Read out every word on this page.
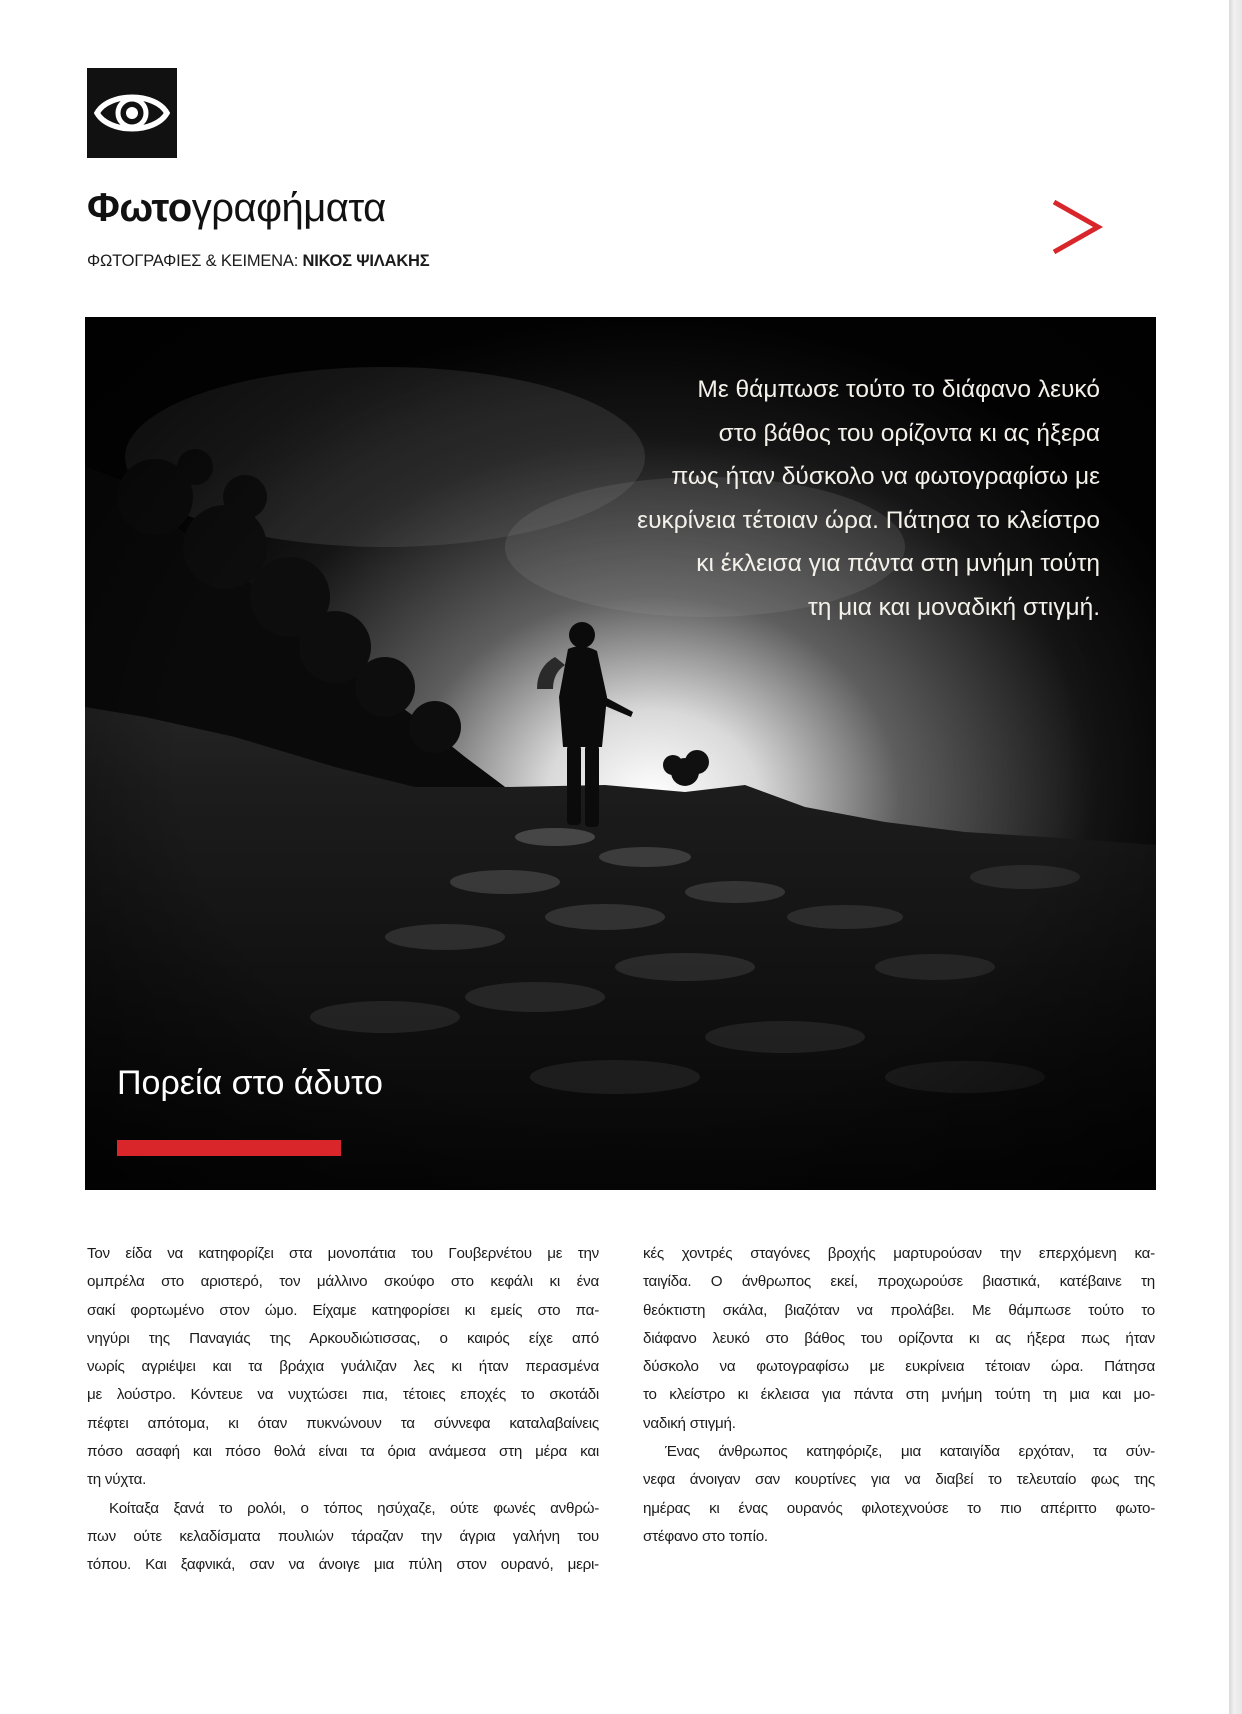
Φωτογραφήματα
ΦΩΤΟΓΡΑΦΙΕΣ & ΚΕΙΜΕΝΑ: ΝΙΚΟΣ ΨΙΛΑΚΗΣ
Με θάμπωσε τούτο το διάφανο λευκό
στο βάθος του ορίζοντα κι ας ήξερα
πως ήταν δύσκολο να φωτογραφίσω με
ευκρίνεια τέτοιαν ώρα. Πάτησα το κλείστρο
κι έκλεισα για πάντα στη μνήμη τούτη
τη μια και μοναδική στιγμή.
Πορεία στο άδυτο
Τον είδα να κατηφορίζει στα μονοπάτια του Γουβερνέτου με την
ομπρέλα στο αριστερό, τον μάλλινο σκούφο στο κεφάλι κι ένα
σακί φορτωμένο στον ώμο. Είχαμε κατηφορίσει κι εμείς στο πα-
νηγύρι της Παναγιάς της Αρκουδιώτισσας, ο καιρός είχε από
νωρίς αγριέψει και τα βράχια γυάλιζαν λες κι ήταν περασμένα
με λούστρο. Κόντευε να νυχτώσει πια, τέτοιες εποχές το σκοτάδι
πέφτει απότομα, κι όταν πυκνώνουν τα σύννεφα καταλαβαίνεις
πόσο ασαφή και πόσο θολά είναι τα όρια ανάμεσα στη μέρα και
τη νύχτα.
Κοίταξα ξανά το ρολόι, ο τόπος ησύχαζε, ούτε φωνές ανθρώ-
πων ούτε κελαδίσματα πουλιών τάραζαν την άγρια γαλήνη του
τόπου. Και ξαφνικά, σαν να άνοιγε μια πύλη στον ουρανό, μερι-
κές χοντρές σταγόνες βροχής μαρτυρούσαν την επερχόμενη κα-
ταιγίδα. Ο άνθρωπος εκεί, προχωρούσε βιαστικά, κατέβαινε τη
θεόκτιστη σκάλα, βιαζόταν να προλάβει. Με θάμπωσε τούτο το
διάφανο λευκό στο βάθος του ορίζοντα κι ας ήξερα πως ήταν
δύσκολο να φωτογραφίσω με ευκρίνεια τέτοιαν ώρα. Πάτησα
το κλείστρο κι έκλεισα για πάντα στη μνήμη τούτη τη μια και μο-
ναδική στιγμή.
Ένας άνθρωπος κατηφόριζε, μια καταιγίδα ερχόταν, τα σύν-
νεφα άνοιγαν σαν κουρτίνες για να διαβεί το τελευταίο φως της
ημέρας κι ένας ουρανός φιλοτεχνούσε το πιο απέριττο φωτο-
στέφανο στο τοπίο.
